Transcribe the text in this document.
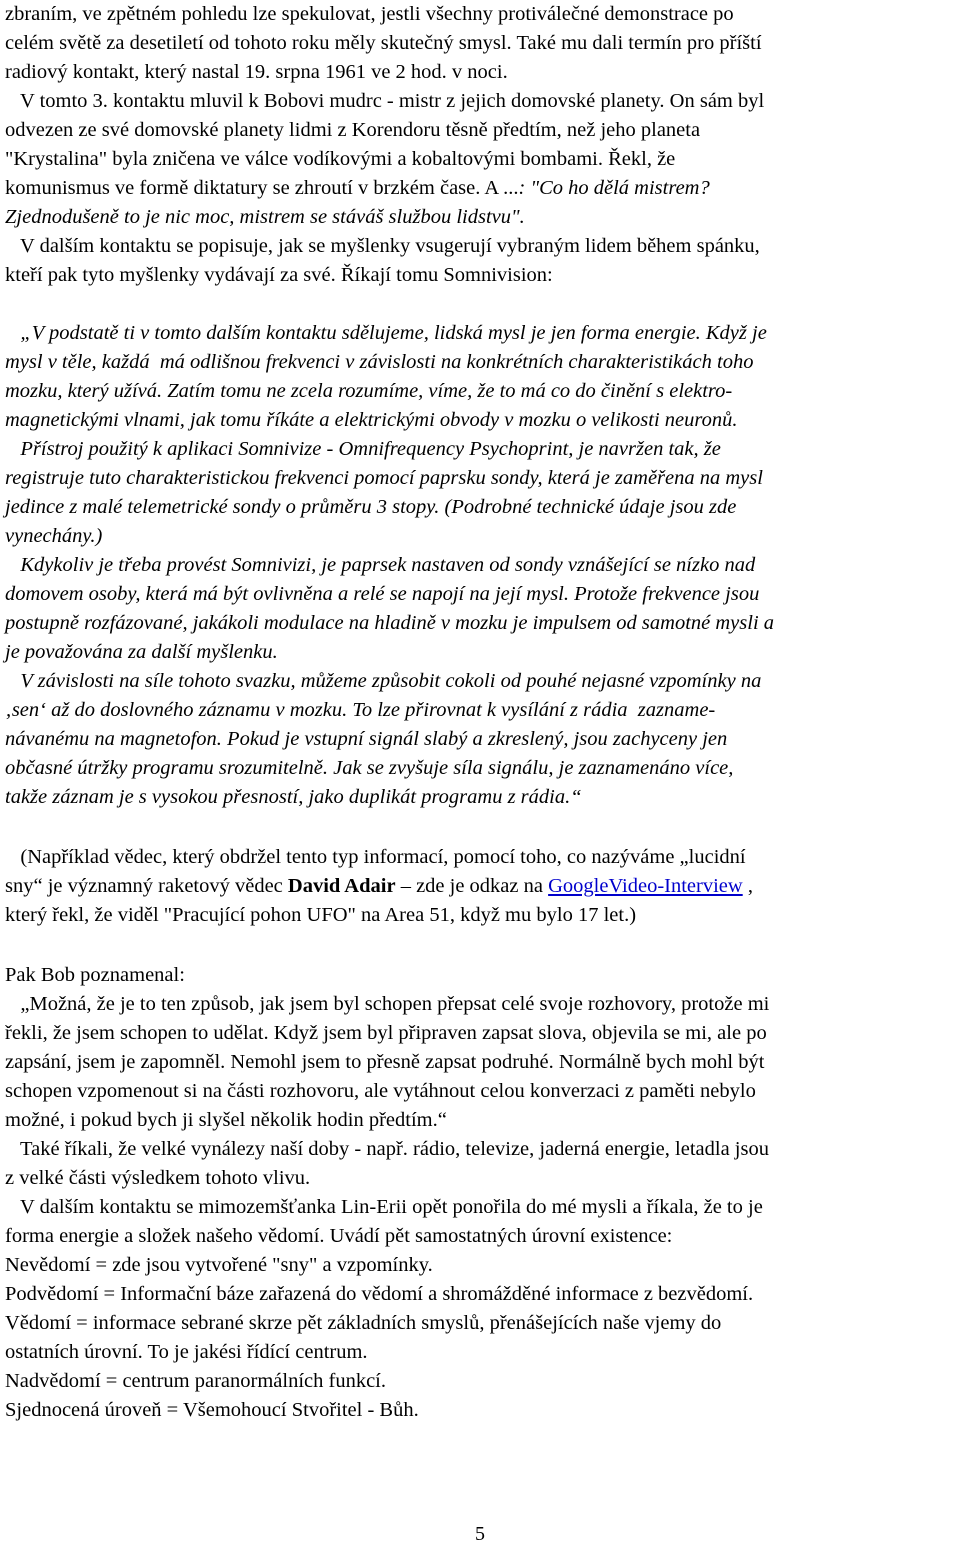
zbraním, ve zpětném pohledu lze spekulovat, jestli všechny protiválečné demonstrace po

celém světě za desetiletí od tohoto roku měly skutečný smysl. Také mu dali termín pro příští

radiový kontakt, který nastal 19. srpna 1961 ve 2 hod. v noci.

V tomto 3. kontaktu mluvil k Bobovi mudrc - mistr z jejich domovské planety. On sám byl

odvezen ze své domovské planety lidmi z Korendoru těsně předtím, než jeho planeta

"Krystalina" byla zničena ve válce vodíkovými a kobaltovými bombami. Řekl, že

komunismus ve formě diktatury se zhroutí v brzkém čase. A ...: "Co ho dělá mistrem?

Zjednodušeně to je nic moc, mistrem se stáváš službou lidstvu".

V dalším kontaktu se popisuje, jak se myšlenky vsugerují vybraným lidem během spánku,

kteří pak tyto myšlenky vydávají za své. Říkají tomu Somnivision:

„V podstatě ti v tomto dalším kontaktu sdělujeme, lidská mysl je jen forma energie. Když je

mysl v těle, každá  má odlišnou frekvenci v závislosti na konkrétních charakteristikách toho

mozku, který užívá. Zatím tomu ne zcela rozumíme, víme, že to má co do činění s elektro-

magnetickými vlnami, jak tomu říkáte a elektrickými obvody v mozku o velikosti neuronů.

Přístroj použitý k aplikaci Somnivize - Omnifrequency Psychoprint, je navržen tak, že

registruje tuto charakteristickou frekvenci pomocí paprsku sondy, která je zaměřena na mysl

jedince z malé telemetrické sondy o průměru 3 stopy. (Podrobné technické údaje jsou zde

vynechány.)

Kdykoliv je třeba provést Somnivizi, je paprsek nastaven od sondy vznášející se nízko nad

domovem osoby, která má být ovlivněna a relé se napojí na její mysl. Protože frekvence jsou

postupně rozfázované, jakákoli modulace na hladině v mozku je impulsem od samotné mysli a

je považována za další myšlenku.

V závislosti na síle tohoto svazku, můžeme způsobit cokoli od pouhé nejasné vzpomínky na

‚sen‘ až do doslovného záznamu v mozku. To lze přirovnat k vysílání z rádia  zazname-

návanému na magnetofon. Pokud je vstupní signál slabý a zkreslený, jsou zachyceny jen

občasné útržky programu srozumitelně. Jak se zvyšuje síla signálu, je zaznamenáno více,

takže záznam je s vysokou přesností, jako duplikát programu z rádia.“

(Například vědec, který obdržel tento typ informací, pomocí toho, co nazýváme „lucidní

sny“ je významný raketový vědec David Adair – zde je odkaz na GoogleVideo-Interview ,

který řekl, že viděl "Pracující pohon UFO" na Area 51, když mu bylo 17 let.)

Pak Bob poznamenal:

„Možná, že je to ten způsob, jak jsem byl schopen přepsat celé svoje rozhovory, protože mi

řekli, že jsem schopen to udělat. Když jsem byl připraven zapsat slova, objevila se mi, ale po

zapsání, jsem je zapomněl. Nemohl jsem to přesně zapsat podruhé. Normálně bych mohl být

schopen vzpomenout si na části rozhovoru, ale vytáhnout celou konverzaci z paměti nebylo

možné, i pokud bych ji slyšel několik hodin předtím.“

Také říkali, že velké vynálezy naší doby - např. rádio, televize, jaderná energie, letadla jsou

z velké části výsledkem tohoto vlivu.

V dalším kontaktu se mimozemšťanka Lin-Erii opět ponořila do mé mysli a říkala, že to je

forma energie a složek našeho vědomí. Uvádí pět samostatných úrovní existence:

Nevědomí = zde jsou vytvořené "sny" a vzpomínky.

Podvědomí = Informační báze zařazená do vědomí a shromážděné informace z bezvědomí.

Vědomí = informace sebrané skrze pět základních smyslů, přenášejících naše vjemy do

ostatních úrovní. To je jakési řídící centrum.

Nadvědomí = centrum paranormálních funkcí.

Sjednocená úroveň = Všemohoucí Stvořitel - Bůh.

5
